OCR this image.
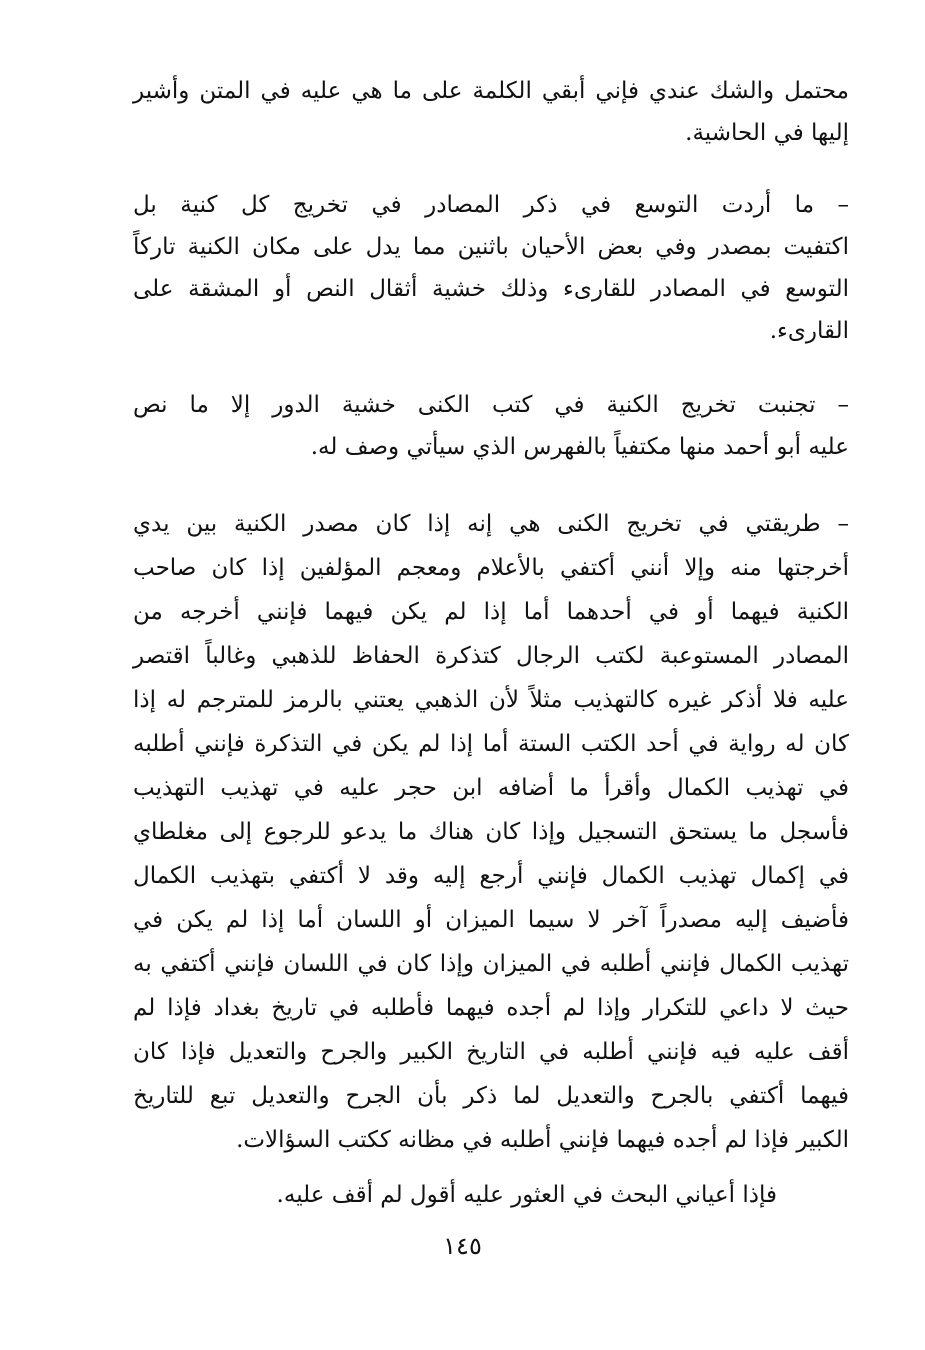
محتمل والشك عندي فإني أبقي الكلمة على ما هي عليه في المتن وأشير
إليها في الحاشية.
– ما أردت التوسع في ذكر المصادر في تخريج كل كنية بل
اكتفيت بمصدر وفي بعض الأحيان باثنين مما يدل على مكان الكنية تاركاً
التوسع في المصادر للقارىء وذلك خشية أثقال النص أو المشقة على
القارىء.
– تجنبت تخريج الكنية في كتب الكنى خشية الدور إلا ما نص
عليه أبو أحمد منها مكتفياً بالفهرس الذي سيأتي وصف له.
– طريقتي في تخريج الكنى هي إنه إذا كان مصدر الكنية بين يدي
أخرجتها منه وإلا أنني أكتفي بالأعلام ومعجم المؤلفين إذا كان صاحب
الكنية فيهما أو في أحدهما أما إذا لم يكن فيهما فإنني أخرجه من
المصادر المستوعبة لكتب الرجال كتذكرة الحفاظ للذهبي وغالباً اقتصر
عليه فلا أذكر غيره كالتهذيب مثلاً لأن الذهبي يعتني بالرمز للمترجم له إذا
كان له رواية في أحد الكتب الستة أما إذا لم يكن في التذكرة فإنني أطلبه
في تهذيب الكمال وأقرأ ما أضافه ابن حجر عليه في تهذيب التهذيب
فأسجل ما يستحق التسجيل وإذا كان هناك ما يدعو للرجوع إلى مغلطاي
في إكمال تهذيب الكمال فإنني أرجع إليه وقد لا أكتفي بتهذيب الكمال
فأضيف إليه مصدراً آخر لا سيما الميزان أو اللسان أما إذا لم يكن في
تهذيب الكمال فإنني أطلبه في الميزان وإذا كان في اللسان فإنني أكتفي به
حيث لا داعي للتكرار وإذا لم أجده فيهما فأطلبه في تاريخ بغداد فإذا لم
أقف عليه فيه فإنني أطلبه في التاريخ الكبير والجرح والتعديل فإذا كان
فيهما أكتفي بالجرح والتعديل لما ذكر بأن الجرح والتعديل تبع للتاريخ
الكبير فإذا لم أجده فيهما فإنني أطلبه في مظانه ككتب السؤالات.
فإذا أعياني البحث في العثور عليه أقول لم أقف عليه.
١٤٥
